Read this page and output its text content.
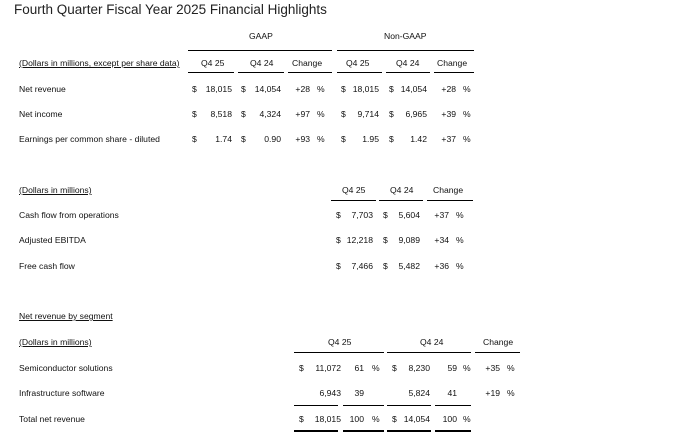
Fourth Quarter Fiscal Year 2025 Financial Highlights
GAAP	Non-GAAP
(Dollars in millions, except per share data)	Q4 25	Q4 24 Change	Q4 25	Q4 24 Change
Net revenue	$	18,015 $	14,054	+28 % $ 18,015 $ 14,054	+28 %
Net income	$	8,518 $	4,324	+97 % $	9,714 $	6,965	+39 %
Earnings per common share - diluted	$	1.74 $	0.90	+93 % $	1.95 $	1.42	+37 %
(Dollars in millions)	Q4 25	Q4 24 Change
Cash flow from operations	$	7,703 $	5,604	+37 %
Adjusted EBITDA	$ 12,218 $	9,089	+34 %
Free cash flow	$	7,466 $	5,482	+36 %
Net revenue by segment
(Dollars in millions)	Q4 25	Q4 24	Change
Semiconductor solutions	$	11,072	61 % $	8,230	59 %	+35 %
Infrastructure software	6,943	39	5,824	41	+19 %
Total net revenue	$	18,015	100 % $ 14,054	100 %
